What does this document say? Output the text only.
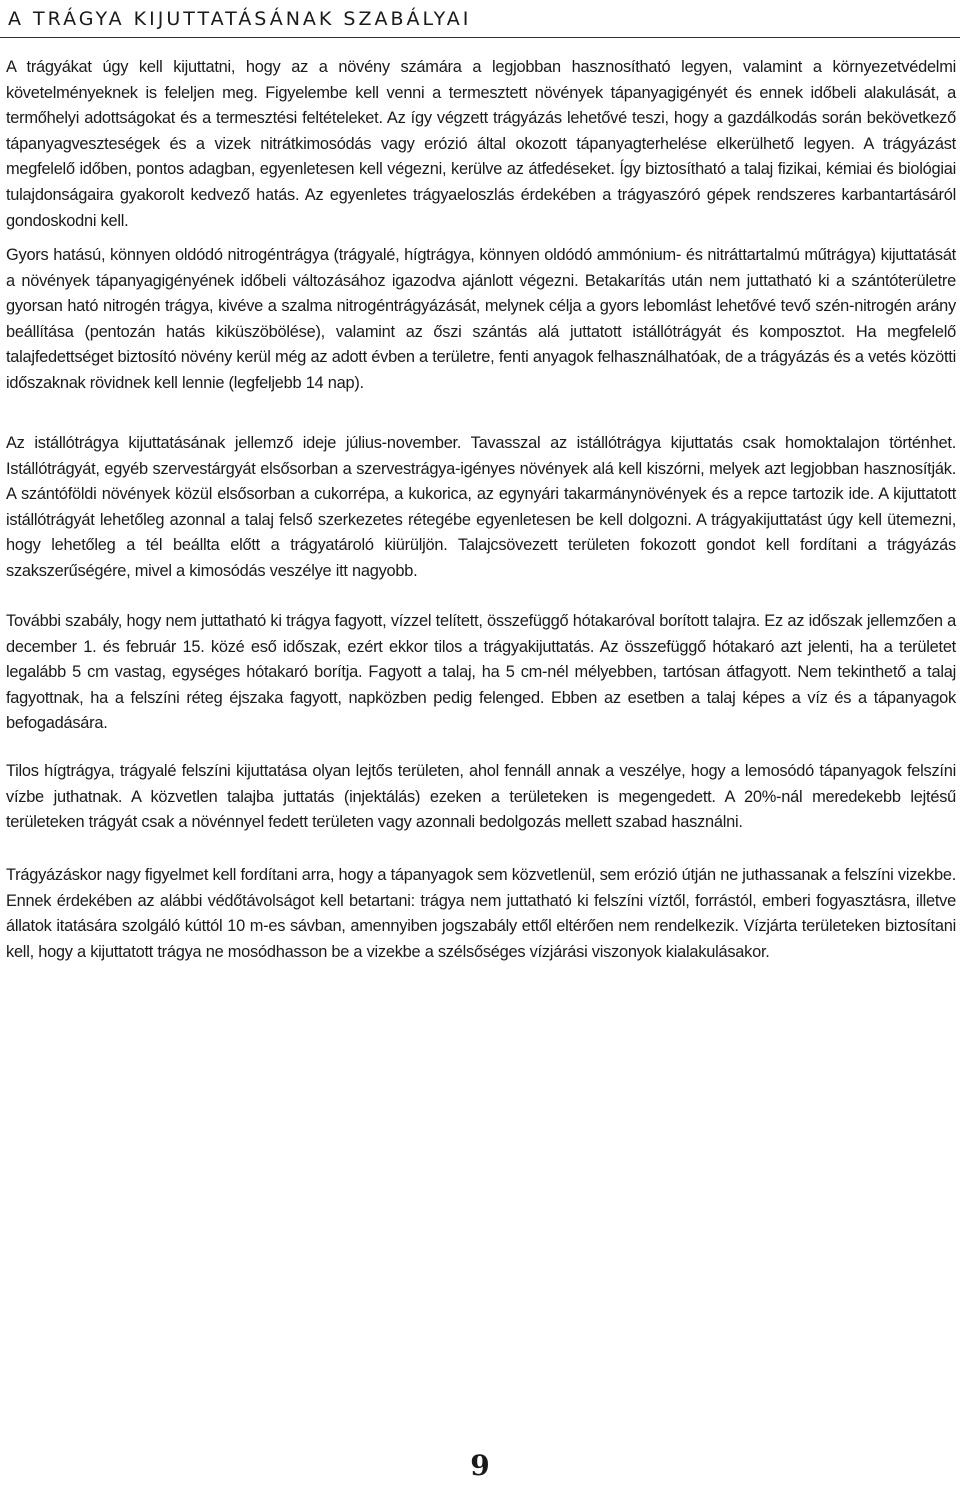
A TRÁGYA KIJUTTATÁSÁNAK SZABÁLYAI

A trágyákat úgy kell kijuttatni, hogy az a növény számára a legjobban hasznosítható legyen, valamint a környezetvédelmi követelményeknek is feleljen meg. Figyelembe kell venni a termesztett növények tápanyagigényét és ennek időbeli alakulását, a termőhelyi adottságokat és a termesztési feltételeket. Az így végzett trágyázás lehetővé teszi, hogy a gazdálkodás során bekövetkező tápanyagveszteségek és a vizek nitrátkimosódás vagy erózió által okozott tápanyagterhelése elkerülhető legyen. A trágyázást megfelelő időben, pontos adagban, egyenletesen kell végezni, kerülve az átfedéseket. Így biztosítható a talaj fizikai, kémiai és biológiai tulajdonságaira gyakorolt kedvező hatás. Az egyenletes trágyaeloszlás érdekében a trágyaszóró gépek rendszeres karbantartásáról gondoskodni kell.

Gyors hatású, könnyen oldódó nitrogéntrágya (trágyalé, hígtrágya, könnyen oldódó ammónium- és nitráttartalmú műtrágya) kijuttatását a növények tápanyagigényének időbeli változásához igazodva ajánlott végezni. Betakarítás után nem juttatható ki a szántóterületre gyorsan ható nitrogén trágya, kivéve a szalma nitrogéntrágyázását, melynek célja a gyors lebomlást lehetővé tevő szén-nitrogén arány beállítása (pentozán hatás kiküszöbölése), valamint az őszi szántás alá juttatott istállótrágyát és komposztot. Ha megfelelő talajfedettséget biztosító növény kerül még az adott évben a területre, fenti anyagok felhasználhatóak, de a trágyázás és a vetés közötti időszaknak rövidnek kell lennie (legfeljebb 14 nap).

Az istállótrágya kijuttatásának jellemző ideje július-november. Tavasszal az istállótrágya kijuttatás csak homoktalajon történhet. Istállótrágyát, egyéb szervestárgyát elsősorban a szervestrágya-igényes növények alá kell kiszórni, melyek azt legjobban hasznosítják. A szántóföldi növények közül elsősorban a cukorrépa, a kukorica, az egynyári takarmánynövények és a repce tartozik ide. A kijuttatott istállótrágyát lehetőleg azonnal a talaj felső szerkezetes rétegébe egyenletesen be kell dolgozni. A trágyakijuttatást úgy kell ütemezni, hogy lehetőleg a tél beállta előtt a trágyatároló kiürüljön. Talajcsövezett területen fokozott gondot kell fordítani a trágyázás szakszerűségére, mivel a kimosódás veszélye itt nagyobb.

További szabály, hogy nem juttatható ki trágya fagyott, vízzel telített, összefüggő hótakaróval borított talajra. Ez az időszak jellemzően a december 1. és február 15. közé eső időszak, ezért ekkor tilos a trágyakijuttatás. Az összefüggő hótakaró azt jelenti, ha a területet legalább 5 cm vastag, egységes hótakaró borítja. Fagyott a talaj, ha 5 cm-nél mélyebben, tartósan átfagyott. Nem tekinthető a talaj fagyottnak, ha a felszíni réteg éjszaka fagyott, napközben pedig felenged. Ebben az esetben a talaj képes a víz és a tápanyagok befogadására.

Tilos hígtrágya, trágyalé felszíni kijuttatása olyan lejtős területen, ahol fennáll annak a veszélye, hogy a lemosódó tápanyagok felszíni vízbe juthatnak. A közvetlen talajba juttatás (injektálás) ezeken a területeken is megengedett. A 20%-nál meredekebb lejtésű területeken trágyát csak a növénnyel fedett területen vagy azonnali bedolgozás mellett szabad használni.

Trágyázáskor nagy figyelmet kell fordítani arra, hogy a tápanyagok sem közvetlenül, sem erózió útján ne juthassanak a felszíni vizekbe. Ennek érdekében az alábbi védőtávolságot kell betartani: trágya nem juttatható ki felszíni víztől, forrástól, emberi fogyasztásra, illetve állatok itatására szolgáló kúttól 10 m-es sávban, amennyiben jogszabály ettől eltérően nem rendelkezik. Vízjárta területeken biztosítani kell, hogy a kijuttatott trágya ne mosódhasson be a vizekbe a szélsőséges vízjárási viszonyok kialakulásakor.

9
